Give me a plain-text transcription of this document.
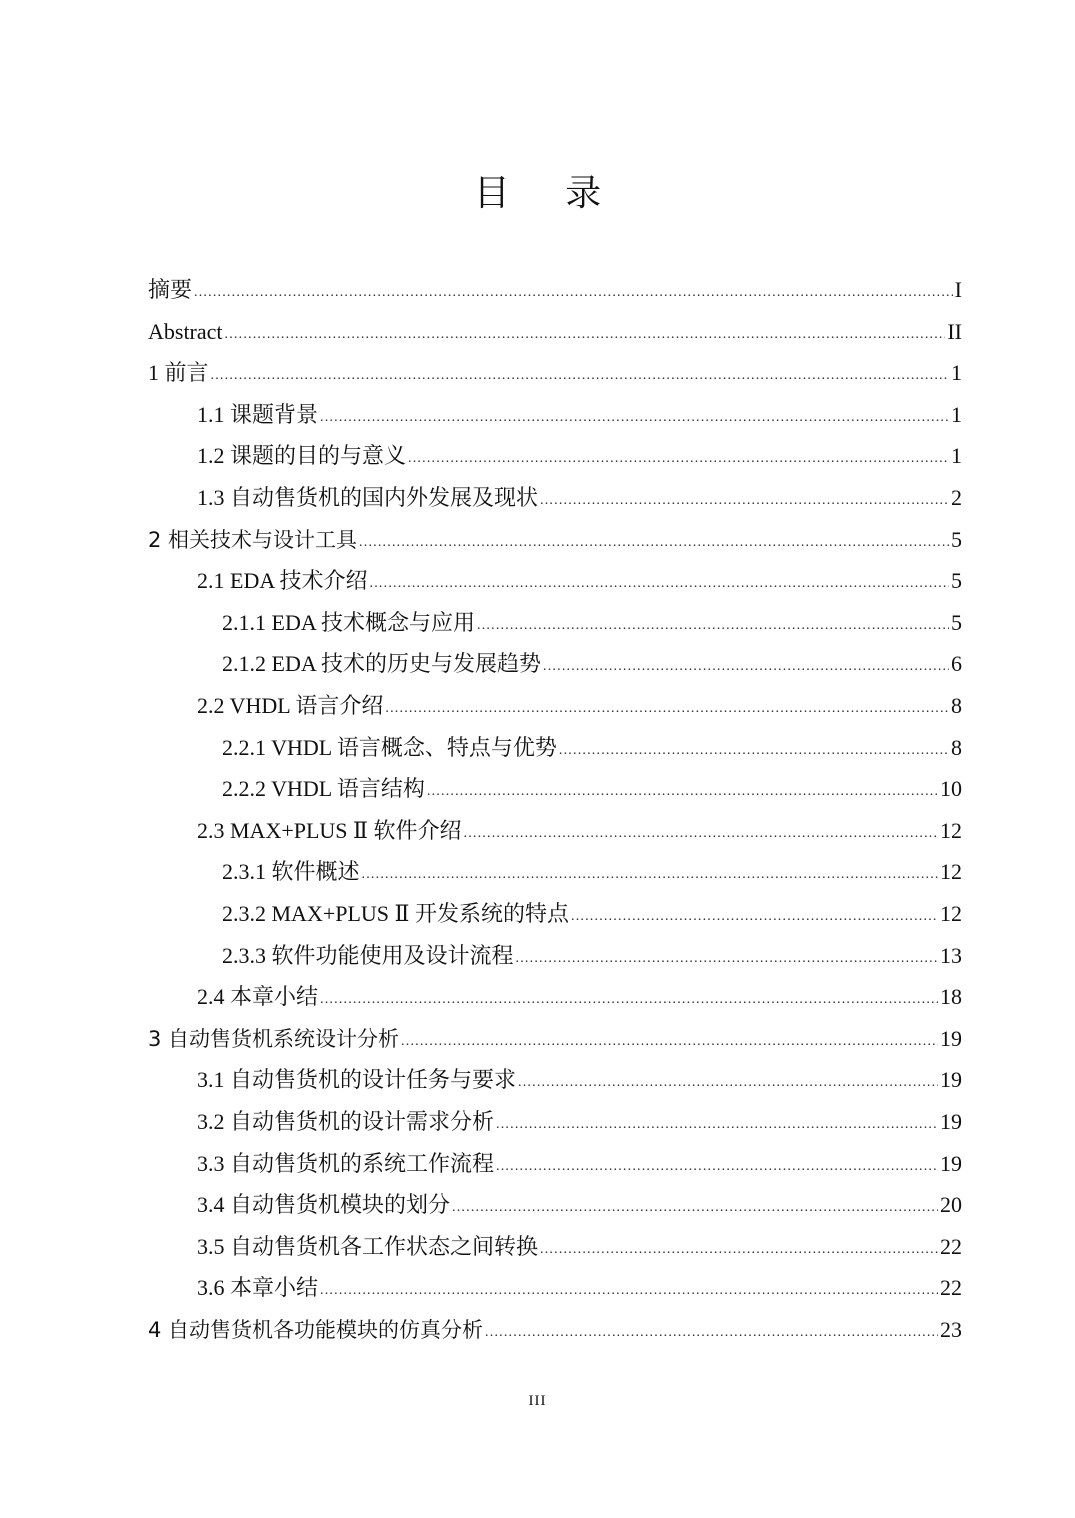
目 录
摘要 .....	I
Abstract .....	II
1 前言 .....	1
1.1 课题背景 .....	1
1.2 课题的目的与意义 .....	1
1.3 自动售货机的国内外发展及现状 .....	2
2 相关技术与设计工具 .....	5
2.1 EDA 技术介绍 .....	5
2.1.1 EDA 技术概念与应用 .....	5
2.1.2 EDA 技术的历史与发展趋势 .....	6
2.2 VHDL 语言介绍 .....	8
2.2.1 VHDL 语言概念、特点与优势 .....	8
2.2.2 VHDL 语言结构 .....	10
2.3 MAX+PLUS Ⅱ 软件介绍 .....	12
2.3.1 软件概述 .....	12
2.3.2 MAX+PLUS Ⅱ 开发系统的特点 .....	12
2.3.3 软件功能使用及设计流程 .....	13
2.4 本章小结 .....	18
3 自动售货机系统设计分析 .....	19
3.1 自动售货机的设计任务与要求 .....	19
3.2 自动售货机的设计需求分析 .....	19
3.3 自动售货机的系统工作流程 .....	19
3.4 自动售货机模块的划分 .....	20
3.5 自动售货机各工作状态之间转换 .....	22
3.6 本章小结 .....	22
4 自动售货机各功能模块的仿真分析 .....	23
III
